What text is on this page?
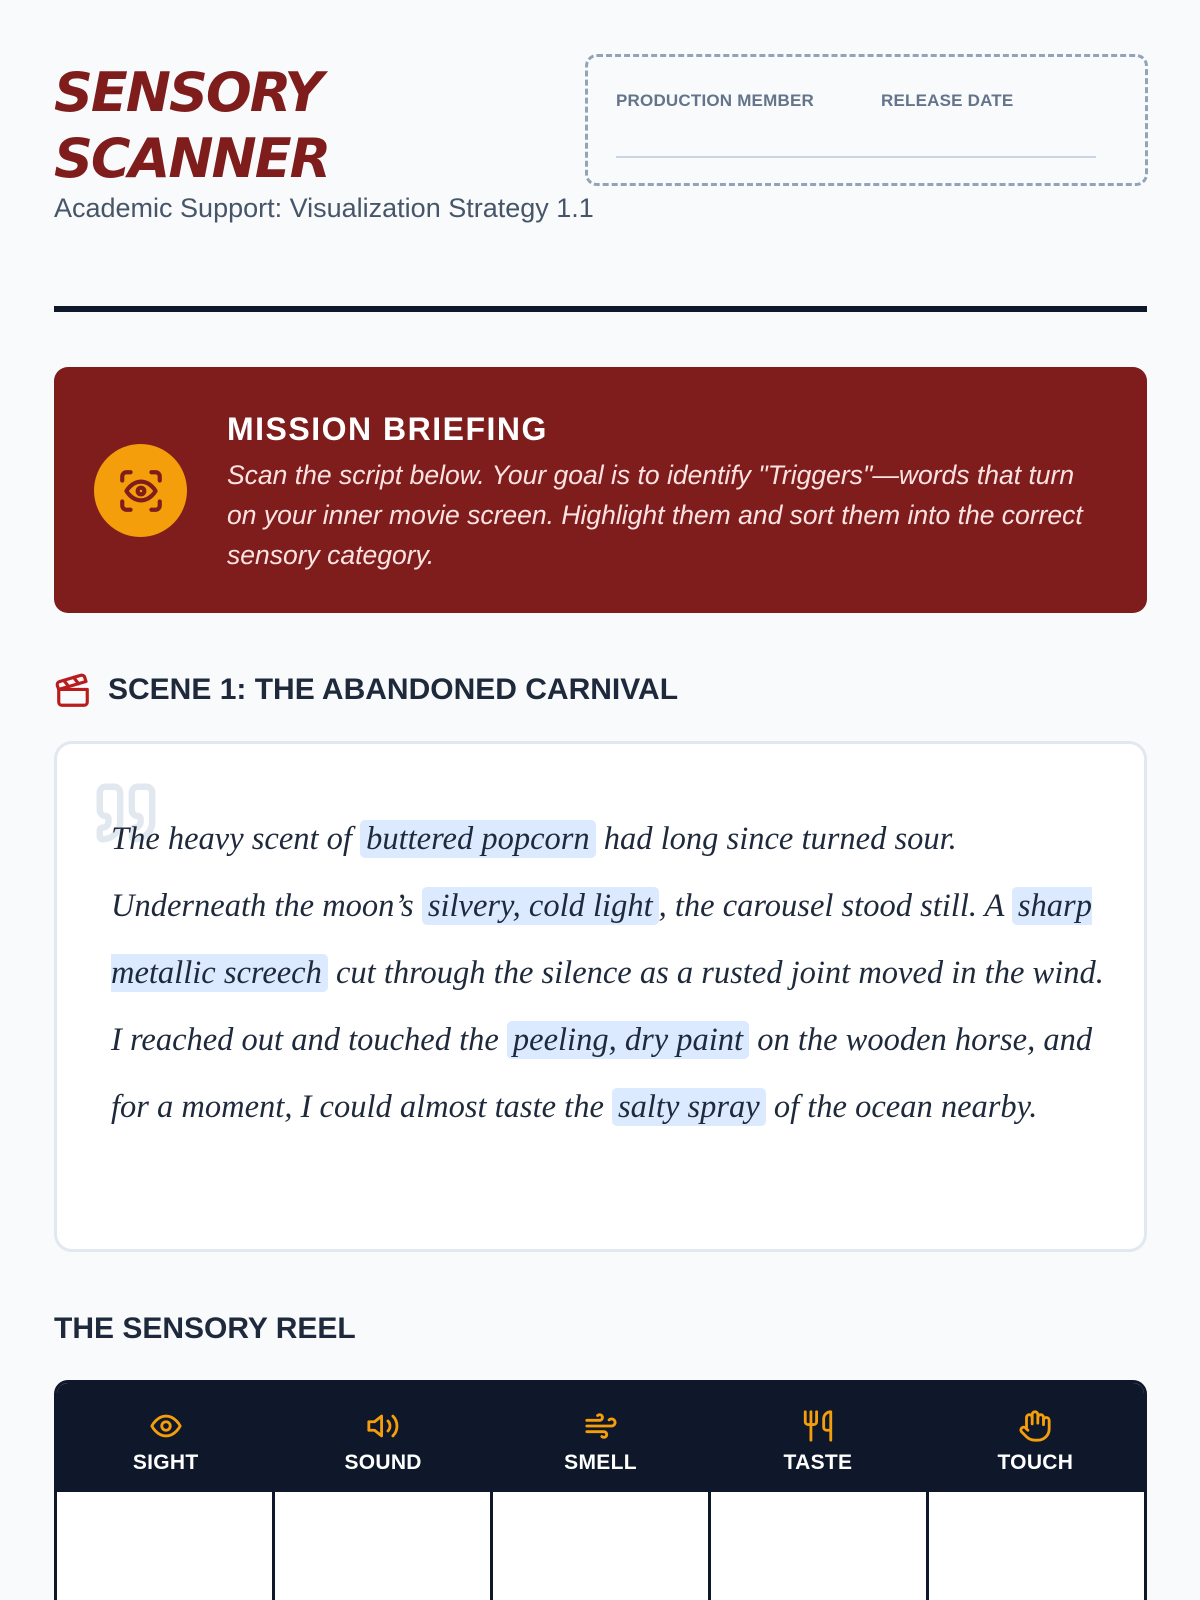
SENSORY
SCANNER
Academic Support: Visualization Strategy 1.1
PRODUCTION MEMBER	RELEASE DATE
MISSION BRIEFING
Scan the script below. Your goal is to identify "Triggers"—words that turn on your inner movie screen. Highlight them and sort them into the correct sensory category.
SCENE 1: THE ABANDONED CARNIVAL

The heavy scent of buttered popcorn had long since turned sour. Underneath the moon’s silvery, cold light , the carousel stood still. A sharp metallic screech cut through the silence as a rusted joint moved in the wind. I reached out and touched the peeling, dry paint on the wooden horse, and for a moment, I could almost taste the salty spray of the ocean nearby.

THE SENSORY REEL
SIGHT	SOUND	SMELL	TASTE	TOUCH
